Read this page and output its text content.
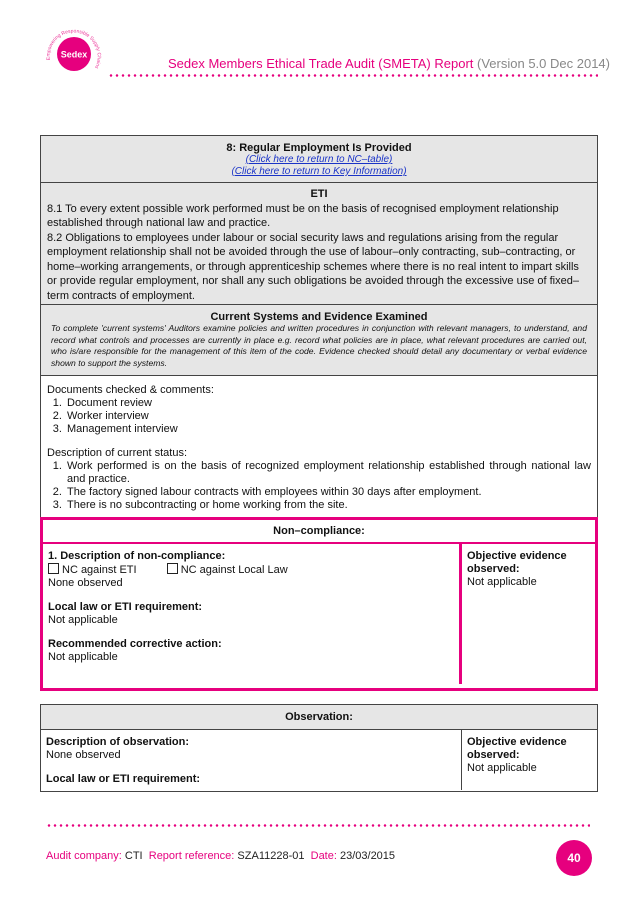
Sedex
Empowering Responsible Supply Chains	Sedex Members Ethical Trade Audit (SMETA) Report (Version 5.0 Dec 2014)
8: Regular Employment Is Provided
(Click here to return to NC–table)
(Click here to return to Key Information)
ETI
8.1 To every extent possible work performed must be on the basis of recognised employment relationship established through national law and practice.
8.2 Obligations to employees under labour or social security laws and regulations arising from the regular employment relationship shall not be avoided through the use of labour–only contracting, sub–contracting, or home–working arrangements, or through apprenticeship schemes where there is no real intent to impart skills or provide regular employment, nor shall any such obligations be avoided through the excessive use of fixed–term contracts of employment.
Current Systems and Evidence Examined
To complete 'current systems' Auditors examine policies and written procedures in conjunction with relevant managers, to understand, and record what controls and processes are currently in place e.g. record what policies are in place, what relevant procedures are carried out, who is/are responsible for the management of this item of the code. Evidence checked should detail any documentary or verbal evidence shown to support the systems.
Documents checked & comments:
1. Document review
2. Worker interview
3. Management interview
Description of current status:
1. Work performed is on the basis of recognized employment relationship established through national law and practice.
2. The factory signed labour contracts with employees within 30 days after employment.
3. There is no subcontracting or home working from the site.
Non–compliance:
1. Description of non-compliance:
NC against ETI	NC against Local Law
None observed
Local law or ETI requirement:
Not applicable
Recommended corrective action:
Not applicable
Objective evidence observed:
Not applicable
Observation:
Description of observation:
None observed
Local law or ETI requirement:
Objective evidence observed:
Not applicable
Audit company: CTI Report reference: SZA11228-01 Date: 23/03/2015	40
